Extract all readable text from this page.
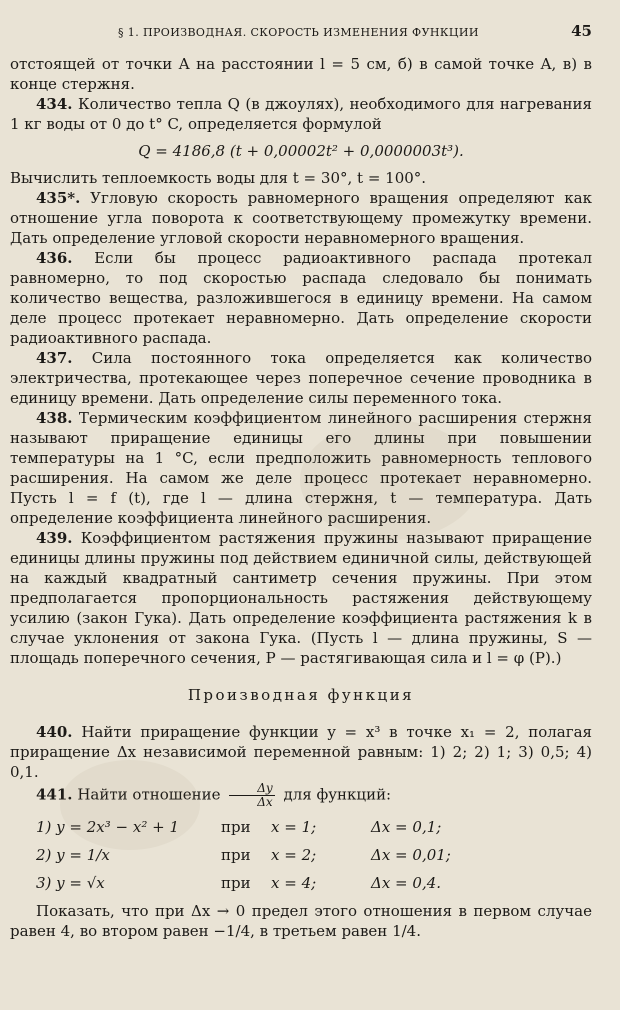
§ 1. ПРОИЗВОДНАЯ. СКОРОСТЬ ИЗМЕНЕНИЯ ФУНКЦИИ	45

отстоящей от точки A на расстоянии l = 5 см, б) в самой точке A, в) в конце стержня.

434. Количество тепла Q (в джоулях), необходимого для нагревания 1 кг воды от 0 до t° C, определяется формулой

Q = 4186,8 (t + 0,00002t² + 0,0000003t³).

Вычислить теплоемкость воды для t = 30°, t = 100°.

435*. Угловую скорость равномерного вращения определяют как отношение угла поворота к соответствующему промежутку времени. Дать определение угловой скорости неравномерного вращения.

436. Если бы процесс радиоактивного распада протекал равномерно, то под скоростью распада следовало бы понимать количество вещества, разложившегося в единицу времени. На самом деле процесс протекает неравномерно. Дать определение скорости радиоактивного распада.

437. Сила постоянного тока определяется как количество электричества, протекающее через поперечное сечение проводника в единицу времени. Дать определение силы переменного тока.

438. Термическим коэффициентом линейного расширения стержня называют приращение единицы его длины при повышении температуры на 1 °C, если предположить равномерность теплового расширения. На самом же деле процесс протекает неравномерно. Пусть l = f (t), где l — длина стержня, t — температура. Дать определение коэффициента линейного расширения.

439. Коэффициентом растяжения пружины называют приращение единицы длины пружины под действием единичной силы, действующей на каждый квадратный сантиметр сечения пружины. При этом предполагается пропорциональность растяжения действующему усилию (закон Гука). Дать определение коэффициента растяжения k в случае уклонения от закона Гука. (Пусть l — длина пружины, S — площадь поперечного сечения, P — растягивающая сила и l = φ (P).)

Производная функция

440. Найти приращение функции y = x³ в точке x₁ = 2, полагая приращение Δx независимой переменной равным: 1) 2; 2) 1; 3) 0,5; 4) 0,1.

441. Найти отношение $\frac{\Delta y}{\Delta x}$ для функций:

1) y = 2x³ − x² + 1	при	x = 1;	Δx = 0,1;
2) y = 1/x	при	x = 2;	Δx = 0,01;
3) y = √x	при	x = 4;	Δx = 0,4.

Показать, что при Δx → 0 предел этого отношения в первом случае равен 4, во втором равен −1/4, в третьем равен 1/4.
